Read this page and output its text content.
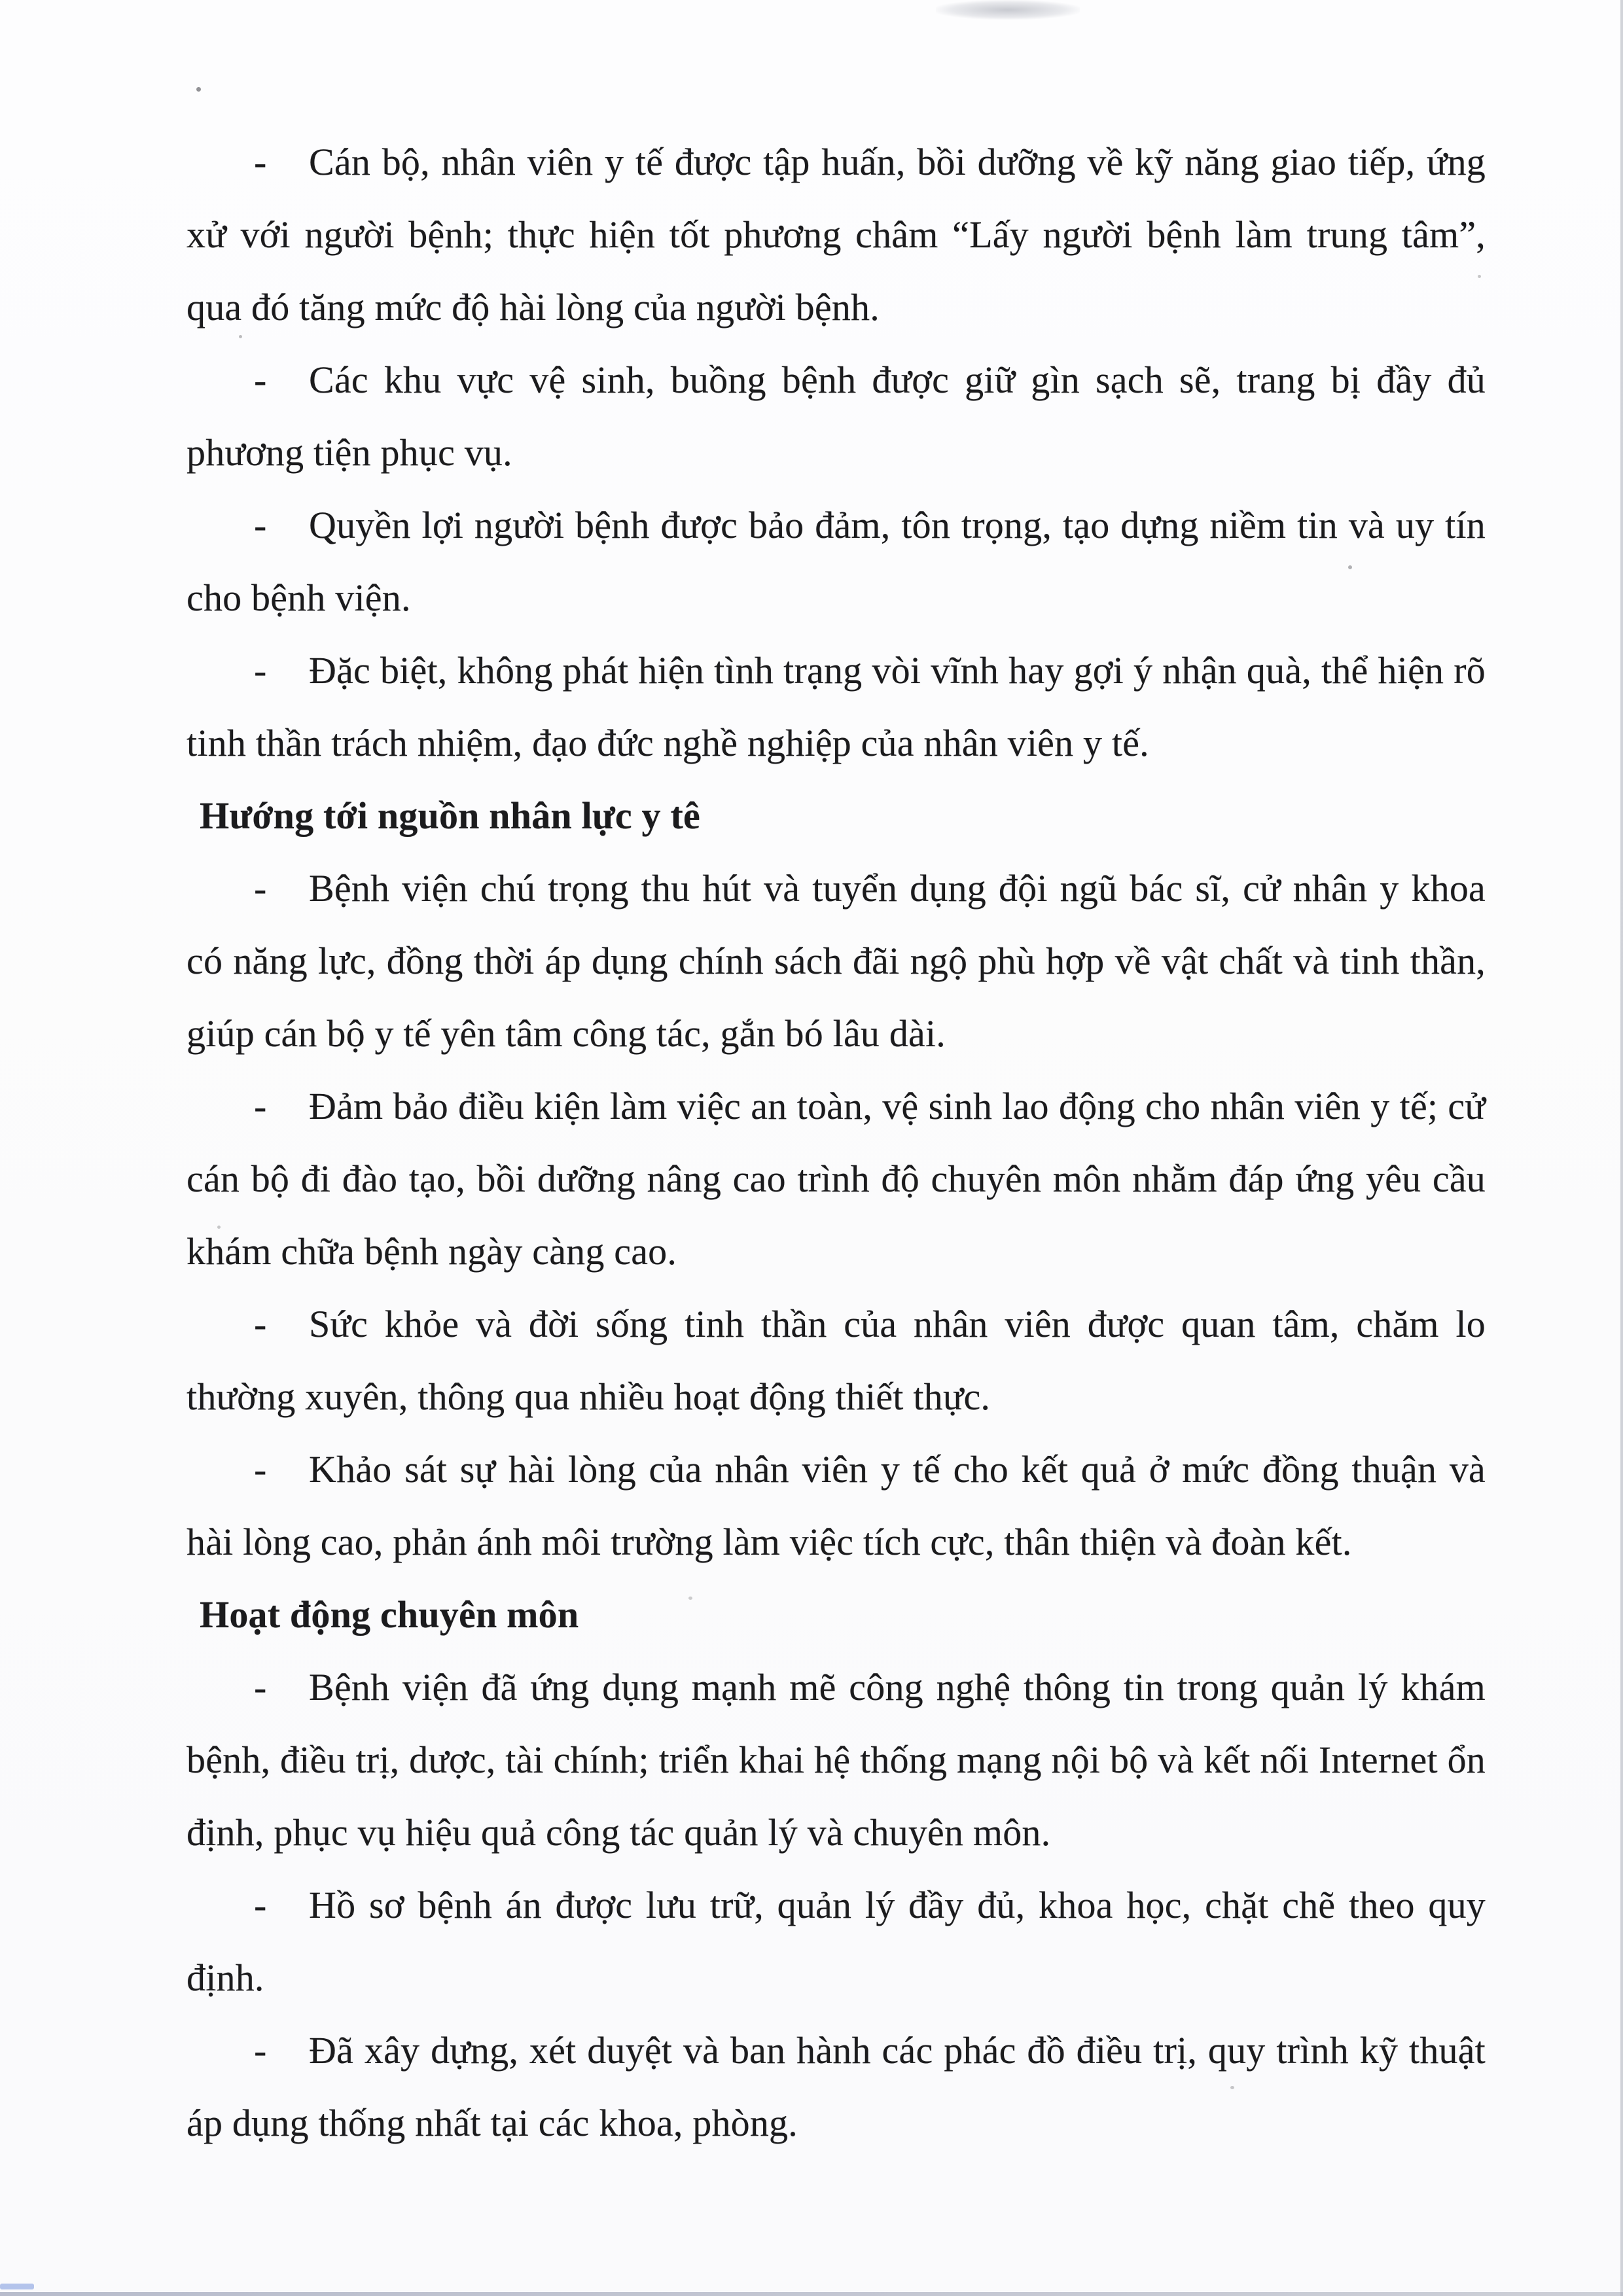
- Cán bộ, nhân viên y tế được tập huấn, bồi dưỡng về kỹ năng giao tiếp, ứng xử với người bệnh; thực hiện tốt phương châm “Lấy người bệnh làm trung tâm”, qua đó tăng mức độ hài lòng của người bệnh.

- Các khu vực vệ sinh, buồng bệnh được giữ gìn sạch sẽ, trang bị đầy đủ phương tiện phục vụ.

- Quyền lợi người bệnh được bảo đảm, tôn trọng, tạo dựng niềm tin và uy tín cho bệnh viện.

- Đặc biệt, không phát hiện tình trạng vòi vĩnh hay gợi ý nhận quà, thể hiện rõ tinh thần trách nhiệm, đạo đức nghề nghiệp của nhân viên y tế.

Hướng tới nguồn nhân lực y tê

- Bệnh viện chú trọng thu hút và tuyển dụng đội ngũ bác sĩ, cử nhân y khoa có năng lực, đồng thời áp dụng chính sách đãi ngộ phù hợp về vật chất và tinh thần, giúp cán bộ y tế yên tâm công tác, gắn bó lâu dài.

- Đảm bảo điều kiện làm việc an toàn, vệ sinh lao động cho nhân viên y tế; cử cán bộ đi đào tạo, bồi dưỡng nâng cao trình độ chuyên môn nhằm đáp ứng yêu cầu khám chữa bệnh ngày càng cao.

- Sức khỏe và đời sống tinh thần của nhân viên được quan tâm, chăm lo thường xuyên, thông qua nhiều hoạt động thiết thực.

- Khảo sát sự hài lòng của nhân viên y tế cho kết quả ở mức đồng thuận và hài lòng cao, phản ánh môi trường làm việc tích cực, thân thiện và đoàn kết.

Hoạt động chuyên môn

- Bệnh viện đã ứng dụng mạnh mẽ công nghệ thông tin trong quản lý khám bệnh, điều trị, dược, tài chính; triển khai hệ thống mạng nội bộ và kết nối Internet ổn định, phục vụ hiệu quả công tác quản lý và chuyên môn.

- Hồ sơ bệnh án được lưu trữ, quản lý đầy đủ, khoa học, chặt chẽ theo quy định.

- Đã xây dựng, xét duyệt và ban hành các phác đồ điều trị, quy trình kỹ thuật áp dụng thống nhất tại các khoa, phòng.
